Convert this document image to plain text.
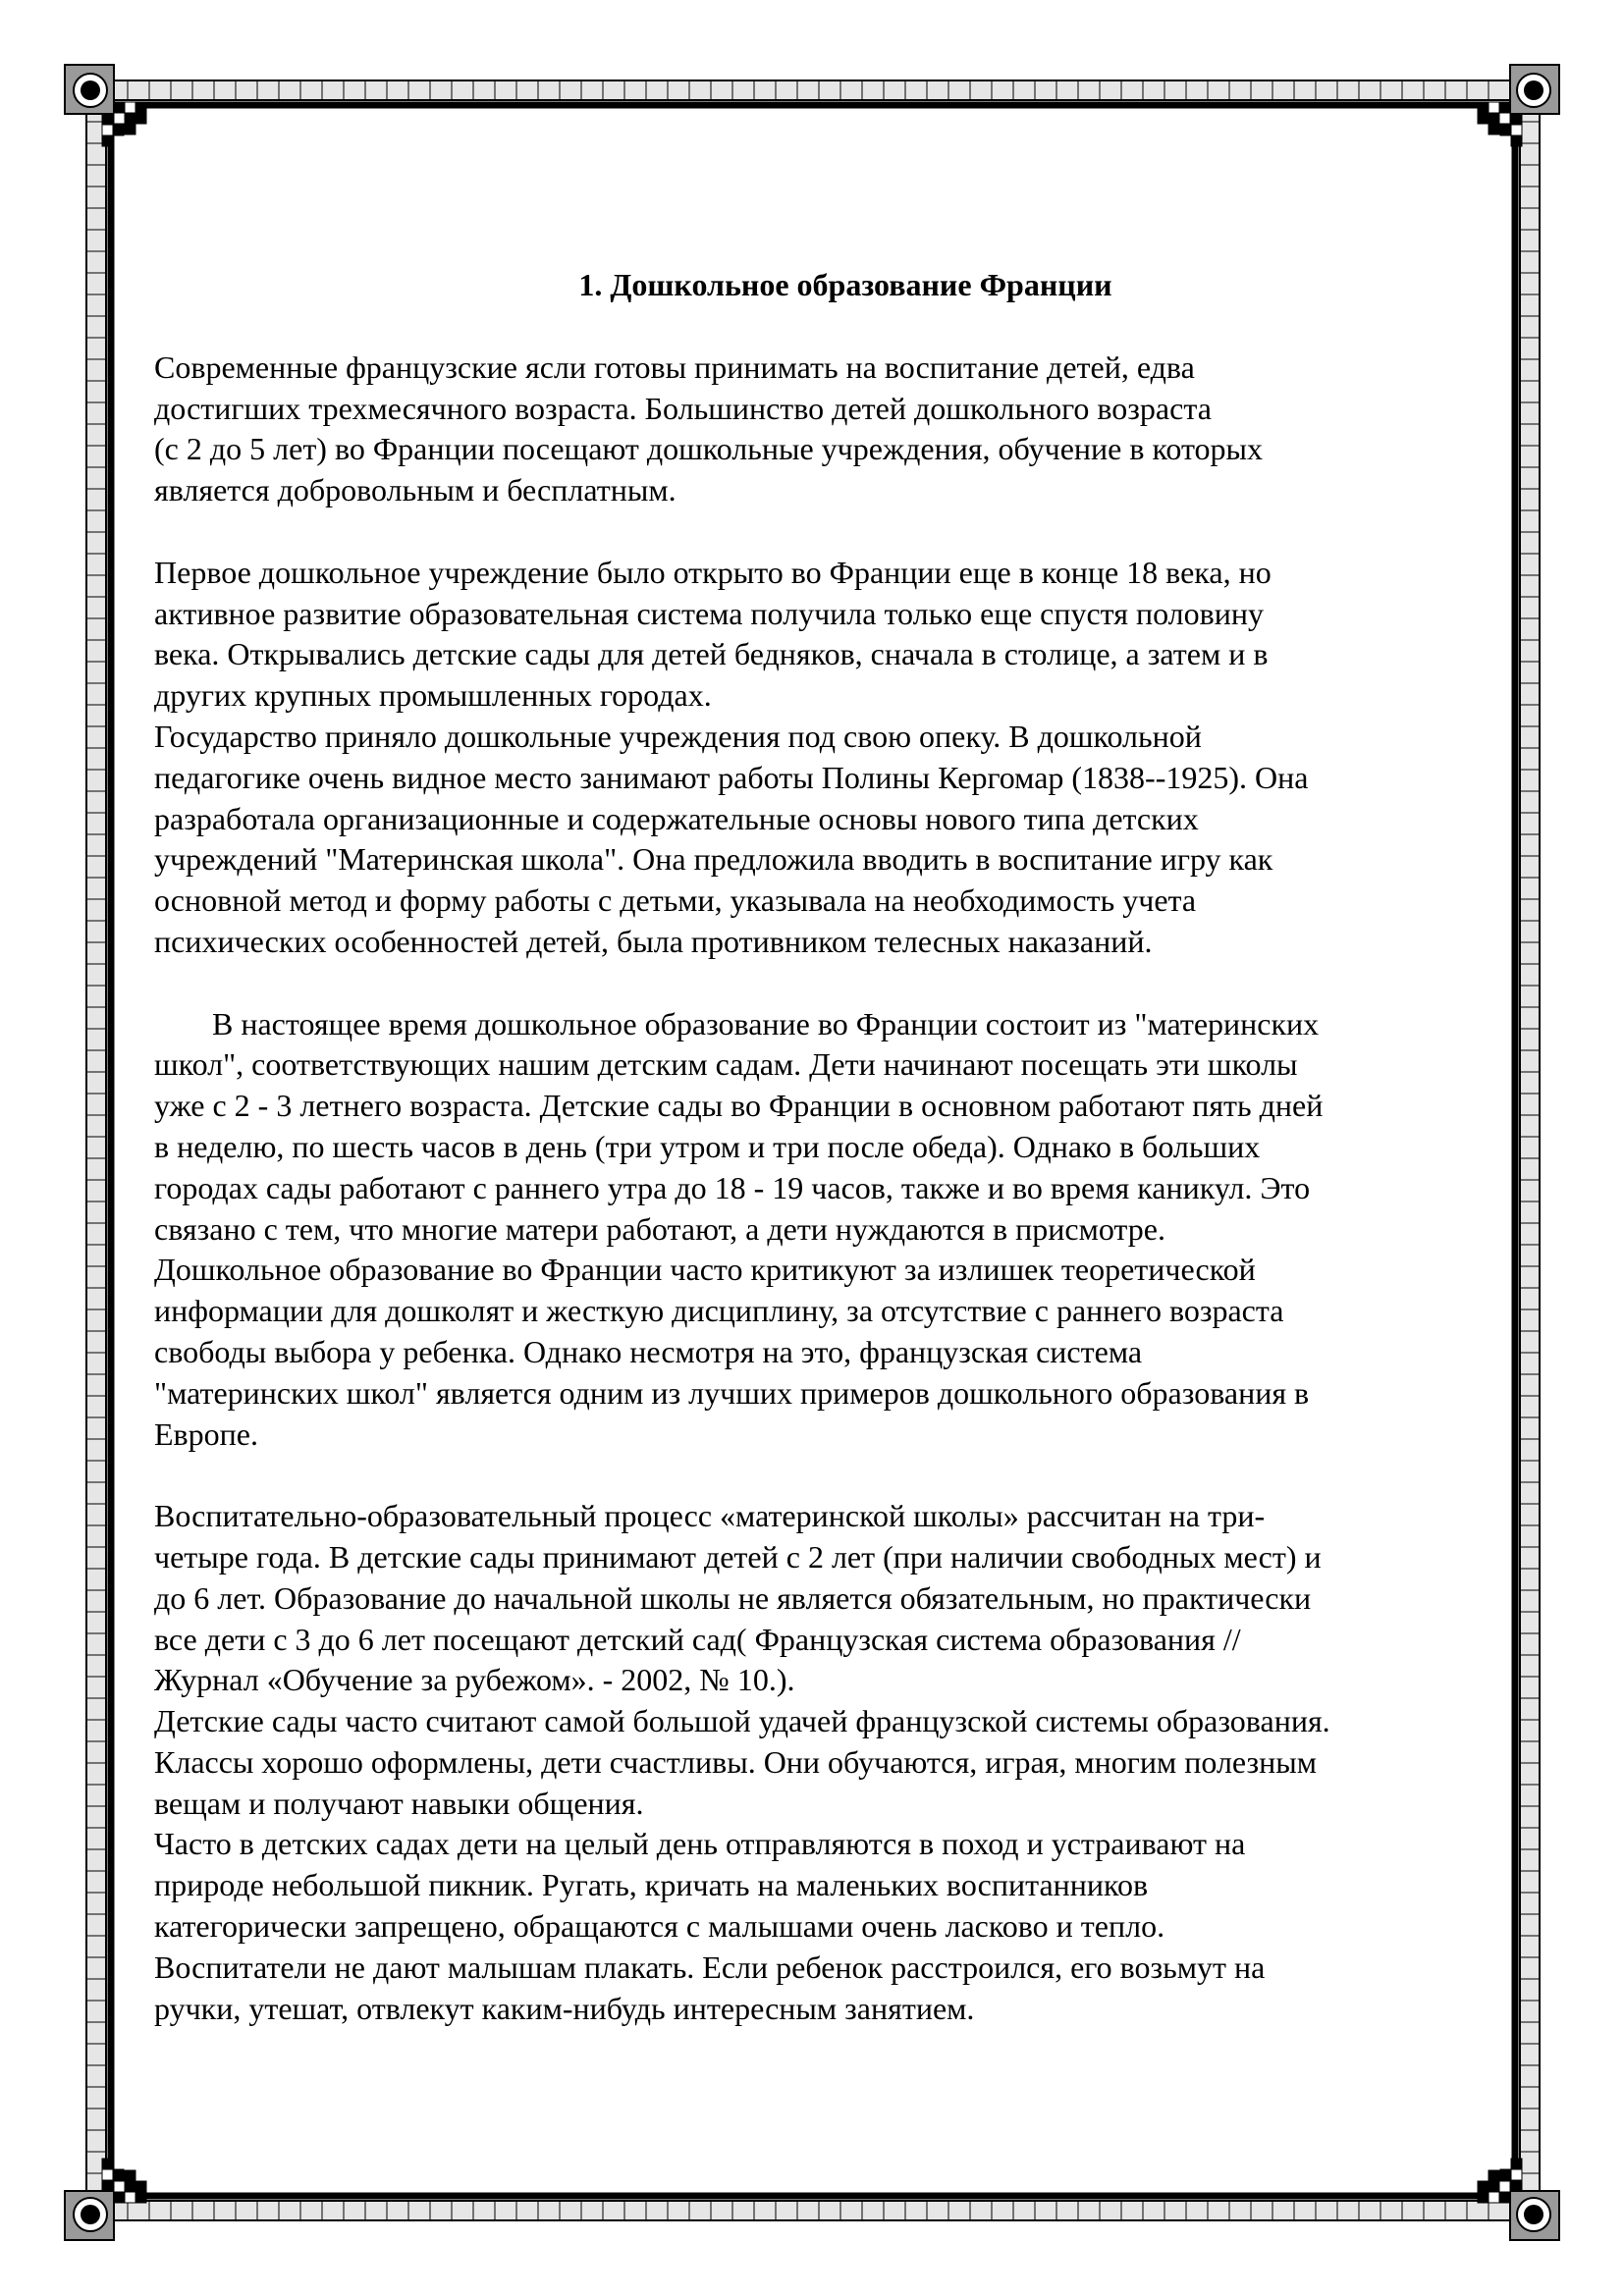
1. Дошкольное образование Франции
Современные французские ясли готовы принимать на воспитание детей, едва
достигших трехмесячного возраста. Большинство детей дошкольного возраста
(с 2 до 5 лет) во Франции посещают дошкольные учреждения, обучение в которых
является добровольным и бесплатным.
Первое дошкольное учреждение было открыто во Франции еще в конце 18 века, но
активное развитие образовательная система получила только еще спустя половину
века. Открывались детские сады для детей бедняков, сначала в столице, а затем и в
других крупных промышленных городах.
Государство приняло дошкольные учреждения под свою опеку. В дошкольной
педагогике очень видное место занимают работы Полины Кергомар (1838--1925). Она
разработала организационные и содержательные основы нового типа детских
учреждений "Материнская школа". Она предложила вводить в воспитание игру как
основной метод и форму работы с детьми, указывала на необходимость учета
психических особенностей детей, была противником телесных наказаний.
В настоящее время дошкольное образование во Франции состоит из "материнских
школ", соответствующих нашим детским садам. Дети начинают посещать эти школы
уже с 2 - 3 летнего возраста. Детские сады во Франции в основном работают пять дней
в неделю, по шесть часов в день (три утром и три после обеда). Однако в больших
городах сады работают с раннего утра до 18 - 19 часов, также и во время каникул. Это
связано с тем, что многие матери работают, а дети нуждаются в присмотре.
Дошкольное образование во Франции часто критикуют за излишек теоретической
информации для дошколят и жесткую дисциплину, за отсутствие с раннего возраста
свободы выбора у ребенка. Однако несмотря на это, французская система
"материнских школ" является одним из лучших примеров дошкольного образования в
Европе.
Воспитательно-образовательный процесс «материнской школы» рассчитан на три-
четыре года. В детские сады принимают детей с 2 лет (при наличии свободных мест) и
до 6 лет. Образование до начальной школы не является обязательным, но практически
все дети с 3 до 6 лет посещают детский сад( Французская система образования //
Журнал «Обучение за рубежом». - 2002, № 10.).
Детские сады часто считают самой большой удачей французской системы образования.
Классы хорошо оформлены, дети счастливы. Они обучаются, играя, многим полезным
вещам и получают навыки общения.
Часто в детских садах дети на целый день отправляются в поход и устраивают на
природе небольшой пикник. Ругать, кричать на маленьких воспитанников
категорически запрещено, обращаются с малышами очень ласково и тепло.
Воспитатели не дают малышам плакать. Если ребенок расстроился, его возьмут на
ручки, утешат, отвлекут каким-нибудь интересным занятием.
